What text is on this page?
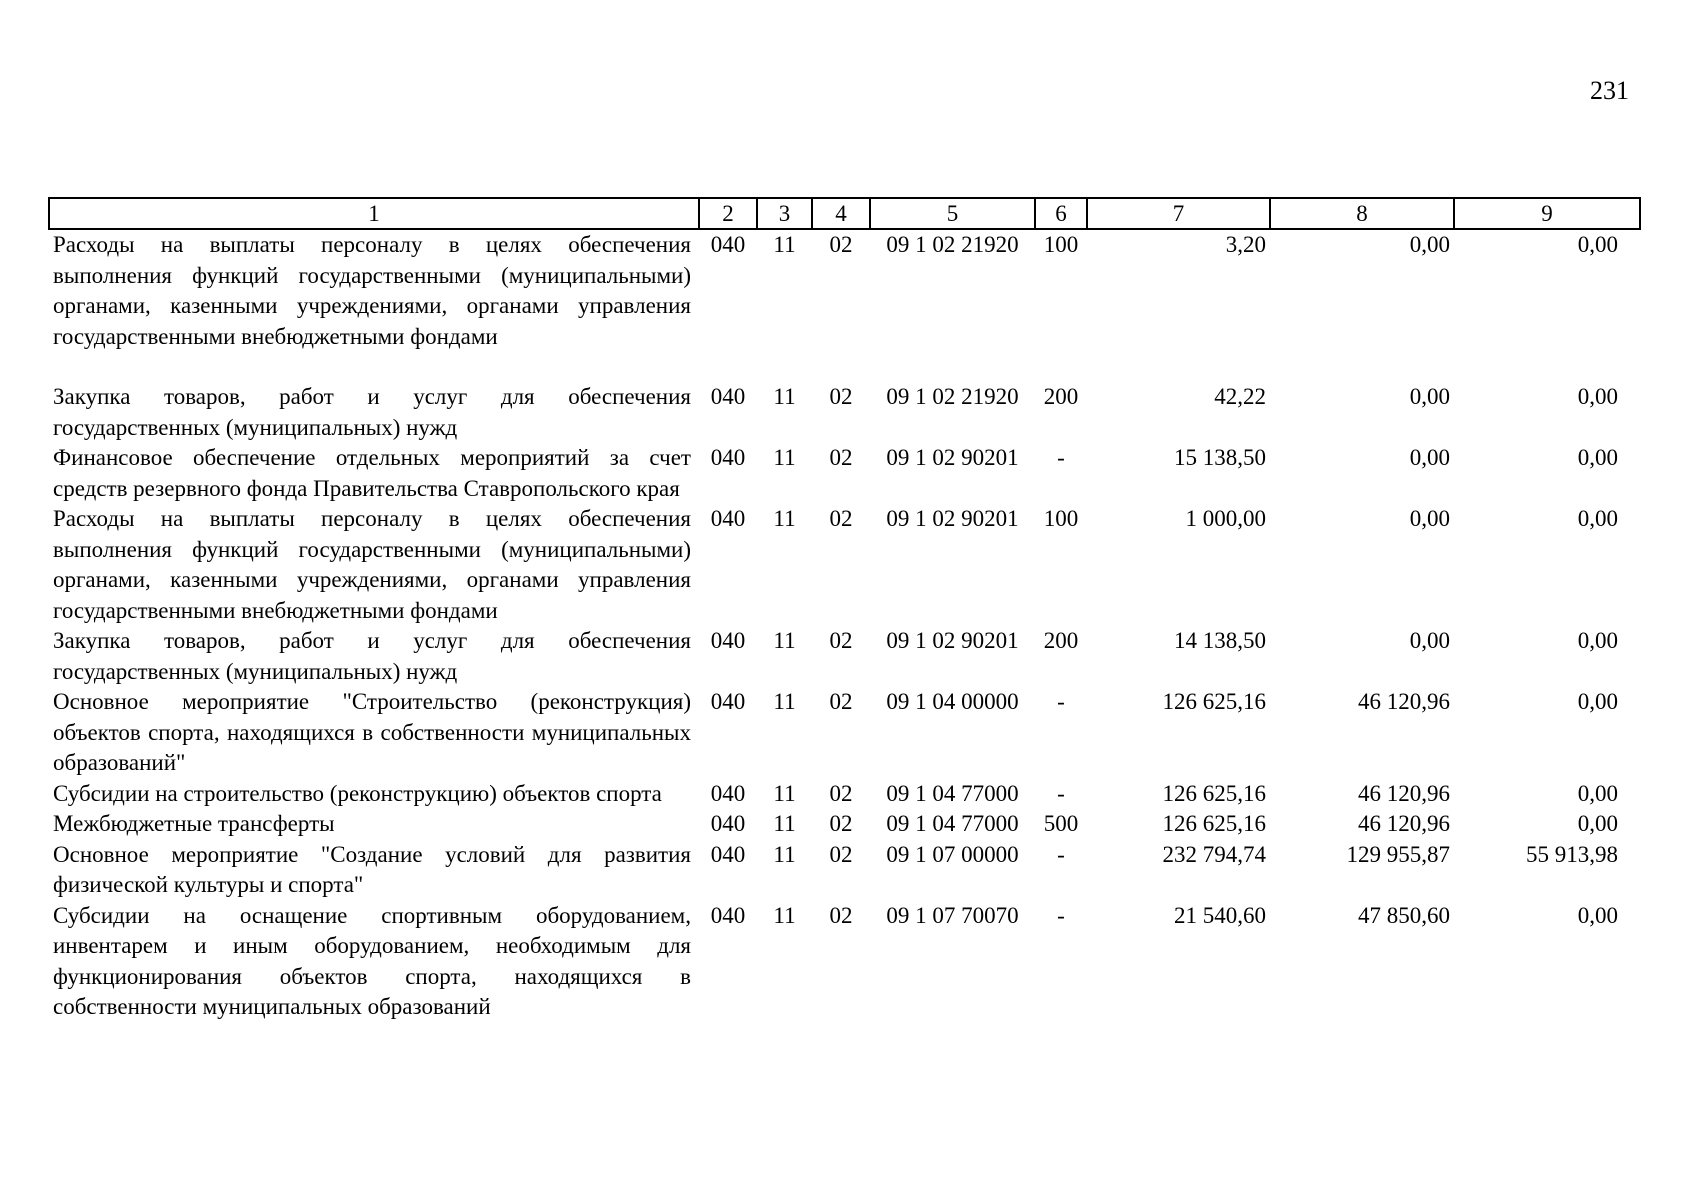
231
1	2	3	4	5	6	7	8	9
Расходы на выплаты персоналу в целях обеспечения выполнения функций государственными (муниципальными) органами, казенными учреждениями, органами управления государственными внебюджетными фондами	040	11	02	09 1 02 21920	100	3,20	0,00	0,00
Закупка товаров, работ и услуг для обеспечения государственных (муниципальных) нужд	040	11	02	09 1 02 21920	200	42,22	0,00	0,00
Финансовое обеспечение отдельных мероприятий за счет средств резервного фонда Правительства Ставропольского края	040	11	02	09 1 02 90201	-	15 138,50	0,00	0,00
Расходы на выплаты персоналу в целях обеспечения выполнения функций государственными (муниципальными) органами, казенными учреждениями, органами управления государственными внебюджетными фондами	040	11	02	09 1 02 90201	100	1 000,00	0,00	0,00
Закупка товаров, работ и услуг для обеспечения государственных (муниципальных) нужд	040	11	02	09 1 02 90201	200	14 138,50	0,00	0,00
Основное мероприятие "Строительство (реконструкция) объектов спорта, находящихся в собственности муниципальных образований"	040	11	02	09 1 04 00000	-	126 625,16	46 120,96	0,00
Субсидии на строительство (реконструкцию) объектов спорта	040	11	02	09 1 04 77000	-	126 625,16	46 120,96	0,00
Межбюджетные трансферты	040	11	02	09 1 04 77000	500	126 625,16	46 120,96	0,00
Основное мероприятие "Создание условий для развития физической культуры и спорта"	040	11	02	09 1 07 00000	-	232 794,74	129 955,87	55 913,98
Субсидии на оснащение спортивным оборудованием, инвентарем и иным оборудованием, необходимым для функционирования объектов спорта, находящихся в собственности муниципальных образований	040	11	02	09 1 07 70070	-	21 540,60	47 850,60	0,00
